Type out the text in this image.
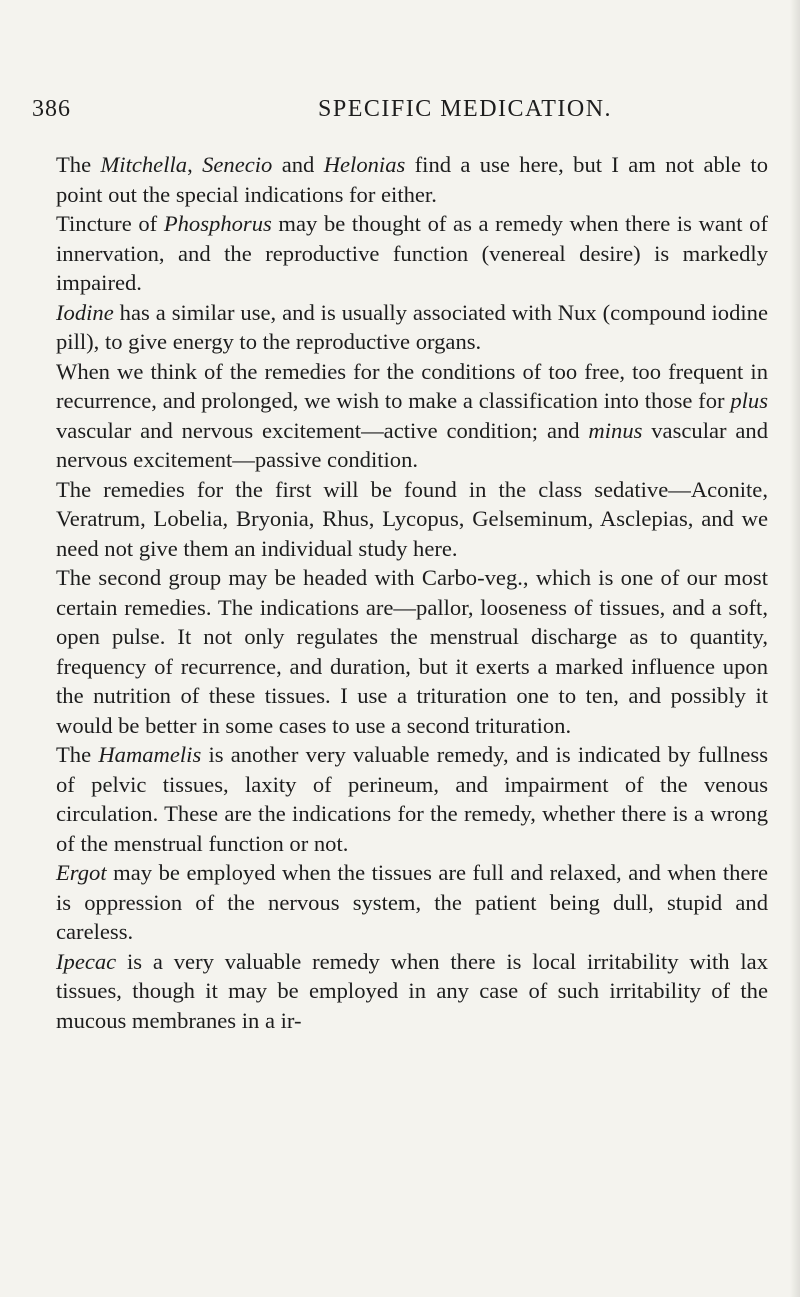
386	SPECIFIC MEDICATION.

The Mitchella, Senecio and Helonias find a use here, but I am not able to point out the special indications for either.

Tincture of Phosphorus may be thought of as a remedy when there is want of innervation, and the reproductive function (venereal desire) is markedly impaired.

Iodine has a similar use, and is usually associated with Nux (compound iodine pill), to give energy to the reproductive organs.

When we think of the remedies for the conditions of too free, too frequent in recurrence, and prolonged, we wish to make a classification into those for plus vascular and nervous excitement—active condition; and minus vascular and nervous excitement—passive condition.

The remedies for the first will be found in the class sedative—Aconite, Veratrum, Lobelia, Bryonia, Rhus, Lycopus, Gelseminum, Asclepias, and we need not give them an individual study here.

The second group may be headed with Carbo-veg., which is one of our most certain remedies. The indications are—pallor, looseness of tissues, and a soft, open pulse. It not only regulates the menstrual discharge as to quantity, frequency of recurrence, and duration, but it exerts a marked influence upon the nutrition of these tissues. I use a trituration one to ten, and possibly it would be better in some cases to use a second trituration.

The Hamamelis is another very valuable remedy, and is indicated by fullness of pelvic tissues, laxity of perineum, and impairment of the venous circulation. These are the indications for the remedy, whether there is a wrong of the menstrual function or not.

Ergot may be employed when the tissues are full and relaxed, and when there is oppression of the nervous system, the patient being dull, stupid and careless.

Ipecac is a very valuable remedy when there is local irritability with lax tissues, though it may be employed in any case of such irritability of the mucous membranes in a ir-
